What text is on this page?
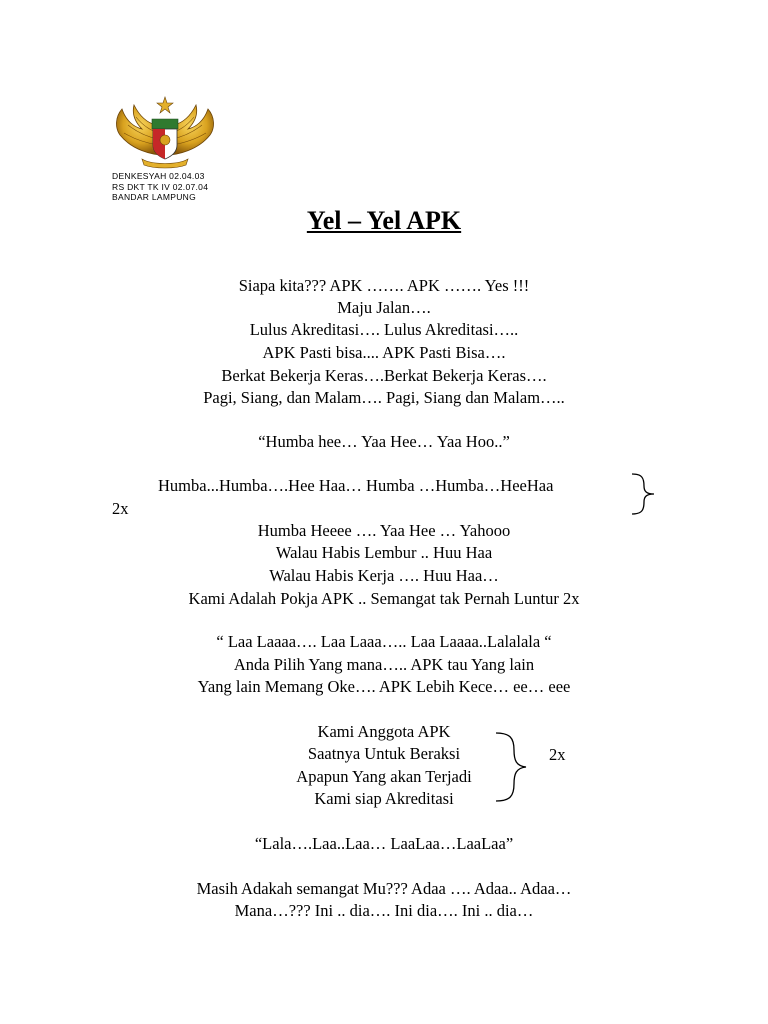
DENKESYAH 02.04.03
RS DKT TK IV 02.07.04
BANDAR LAMPUNG
Yel – Yel APK
Siapa kita??? APK ……. APK ……. Yes !!!
Maju Jalan….
Lulus Akreditasi…. Lulus Akreditasi…..
APK Pasti bisa.... APK Pasti Bisa….
Berkat Bekerja Keras….Berkat Bekerja Keras….
Pagi, Siang, dan Malam…. Pagi, Siang dan Malam…..
“Humba hee… Yaa Hee… Yaa Hoo..”
Humba...Humba….Hee Haa… Humba …Humba…HeeHaa
2x
Humba Heeee …. Yaa Hee … Yahooo
Walau Habis Lembur .. Huu Haa
Walau Habis Kerja …. Huu Haa…
Kami Adalah Pokja APK .. Semangat tak Pernah Luntur 2x
“ Laa Laaaa…. Laa Laaa….. Laa Laaaa..Lalalala “
Anda Pilih Yang mana….. APK tau Yang lain
Yang lain Memang Oke…. APK Lebih Kece… ee… eee
Kami Anggota APK
Saatnya Untuk Beraksi
Apapun Yang akan Terjadi
Kami siap Akreditasi
2x
“Lala….Laa..Laa… LaaLaa…LaaLaa”
Masih Adakah semangat Mu??? Adaa …. Adaa.. Adaa…
Mana…??? Ini .. dia…. Ini dia…. Ini .. dia…
